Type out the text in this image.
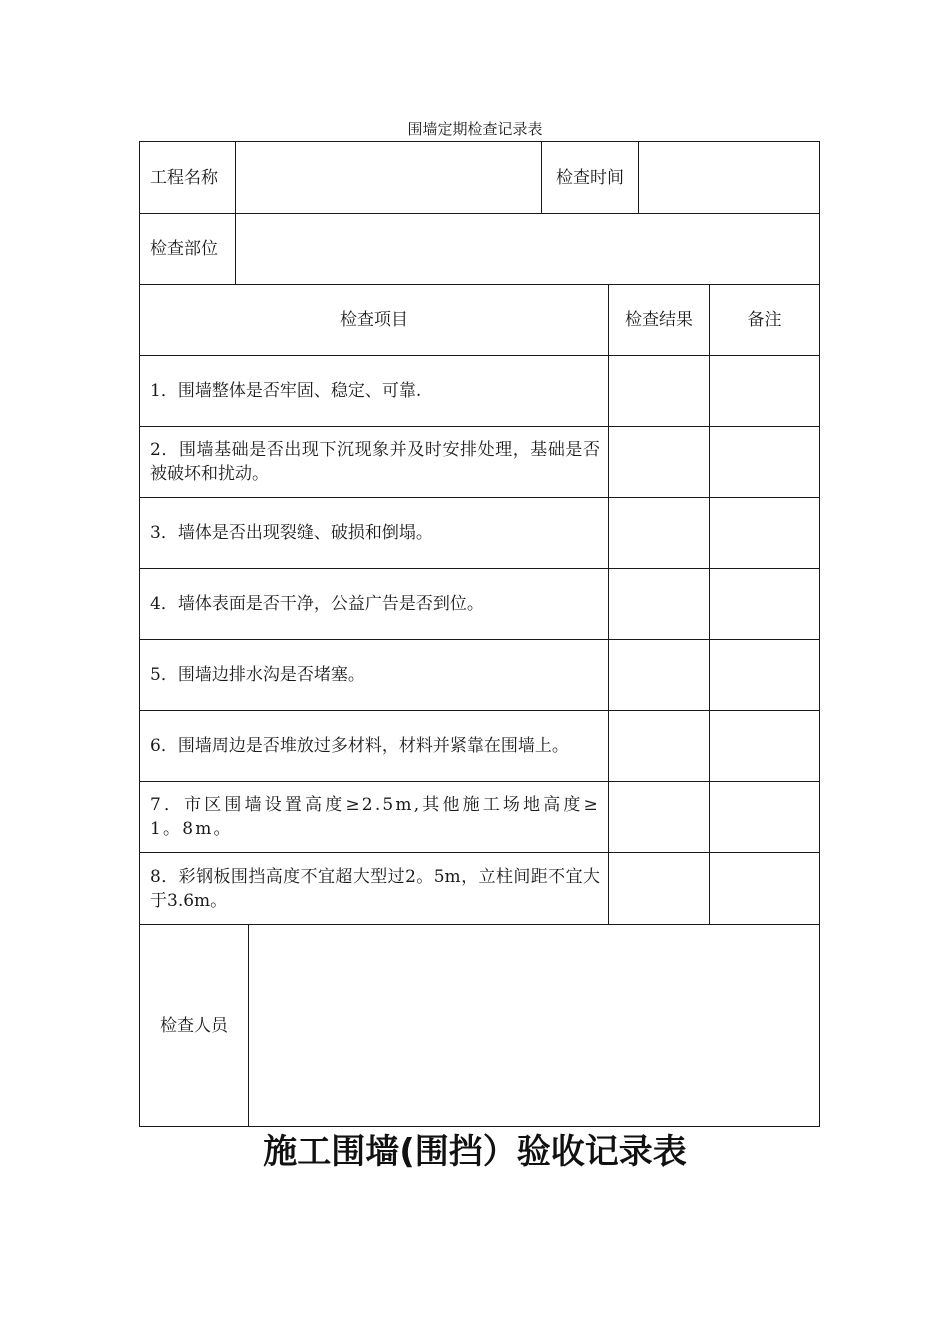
围墙定期检查记录表
工程名称	检查时间
检查部位
检查项目	检查结果	备注
1．围墙整体是否牢固、稳定、可靠.
2．围墙基础是否出现下沉现象并及时安排处理，基础是否被破坏和扰动。
3．墙体是否出现裂缝、破损和倒塌。
4．墙体表面是否干净，公益广告是否到位。
5．围墙边排水沟是否堵塞。
6．围墙周边是否堆放过多材料，材料并紧靠在围墙上。
7．市区围墙设置高度≥2.5m,其他施工场地高度≥1。8m。
8．彩钢板围挡高度不宜超大型过2。5m，立柱间距不宜大于3.6m。
检查人员
施工围墙(围挡）验收记录表
